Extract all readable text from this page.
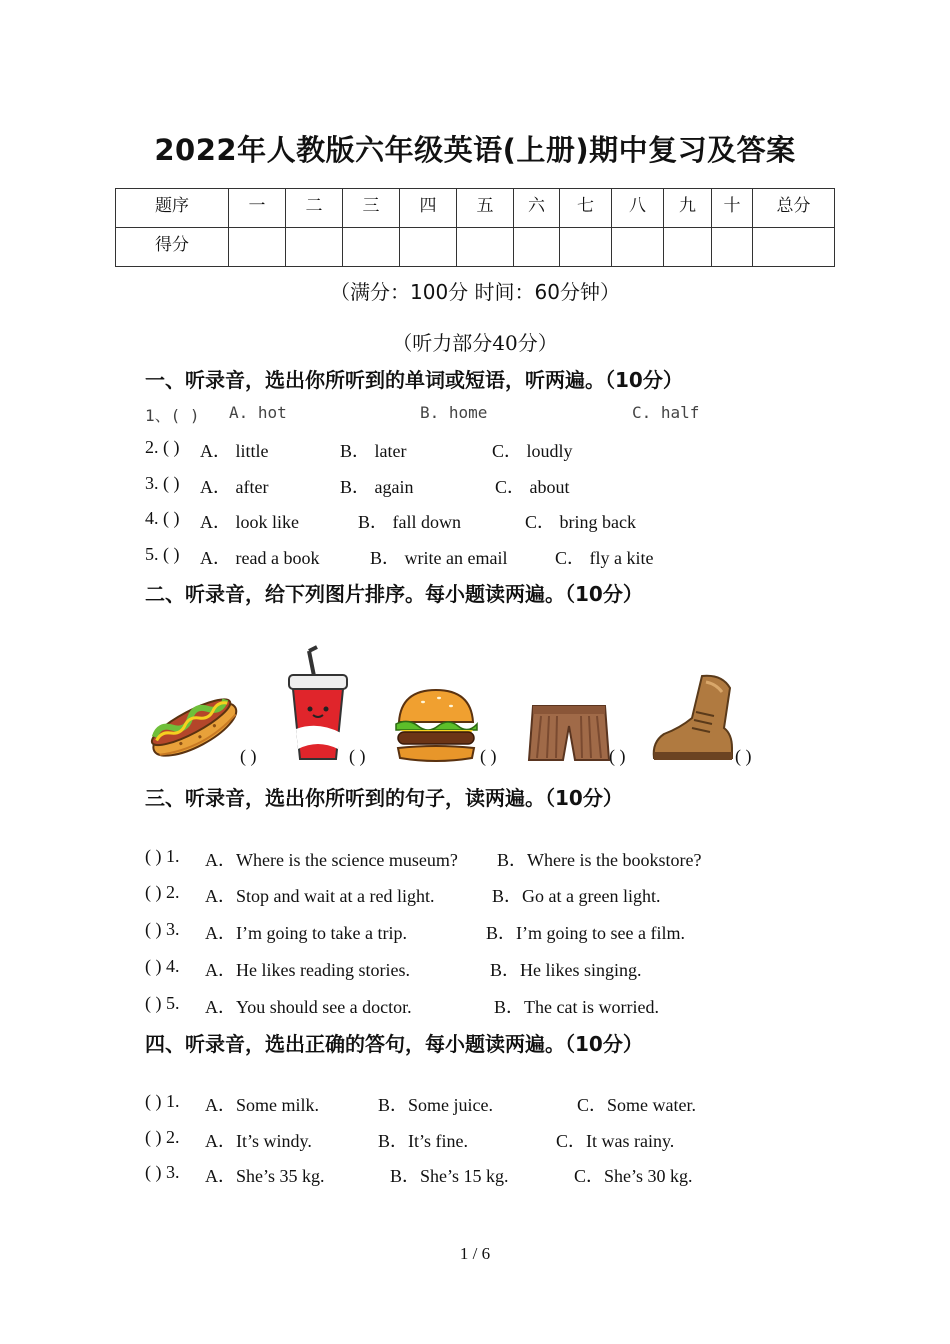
2022年人教版六年级英语(上册)期中复习及答案
题序	一	二	三	四	五	六	七	八	九	十	总分
得分											
（满分：100分 时间：60分钟）
（听力部分40分）
一、听录音，选出你所听到的单词或短语，听两遍。（10分）
1、( ) A. hot	B. home	C. half
2. ( ) A． little	B． later	C． loudly
3. ( ) A． after	B． again	C． about
4. ( ) A． look like	B． fall down	C． bring back
5. ( ) A． read a book	B． write an email	C． fly a kite
二、听录音，给下列图片排序。每小题读两遍。（10分）
( )	( )	( )	( )	( )
三、听录音，选出你所听到的句子，读两遍。（10分）
( ) 1. A．Where is the science museum? B．Where is the bookstore?
( ) 2. A．Stop and wait at a red light.	B．Go at a green light.
( ) 3. A．I’m going to take a trip.	B．I’m going to see a film.
( ) 4. A．He likes reading stories.	B．He likes singing.
( ) 5. A．You should see a doctor.	B．The cat is worried.
四、听录音，选出正确的答句，每小题读两遍。（10分）
( ) 1. A．Some milk.	B．Some juice.	C．Some water.
( ) 2. A．It’s windy.	B．It’s fine.	C．It was rainy.
( ) 3. A．She’s 35 kg.	B．She’s 15 kg.	C．She’s 30 kg.
1 / 6
